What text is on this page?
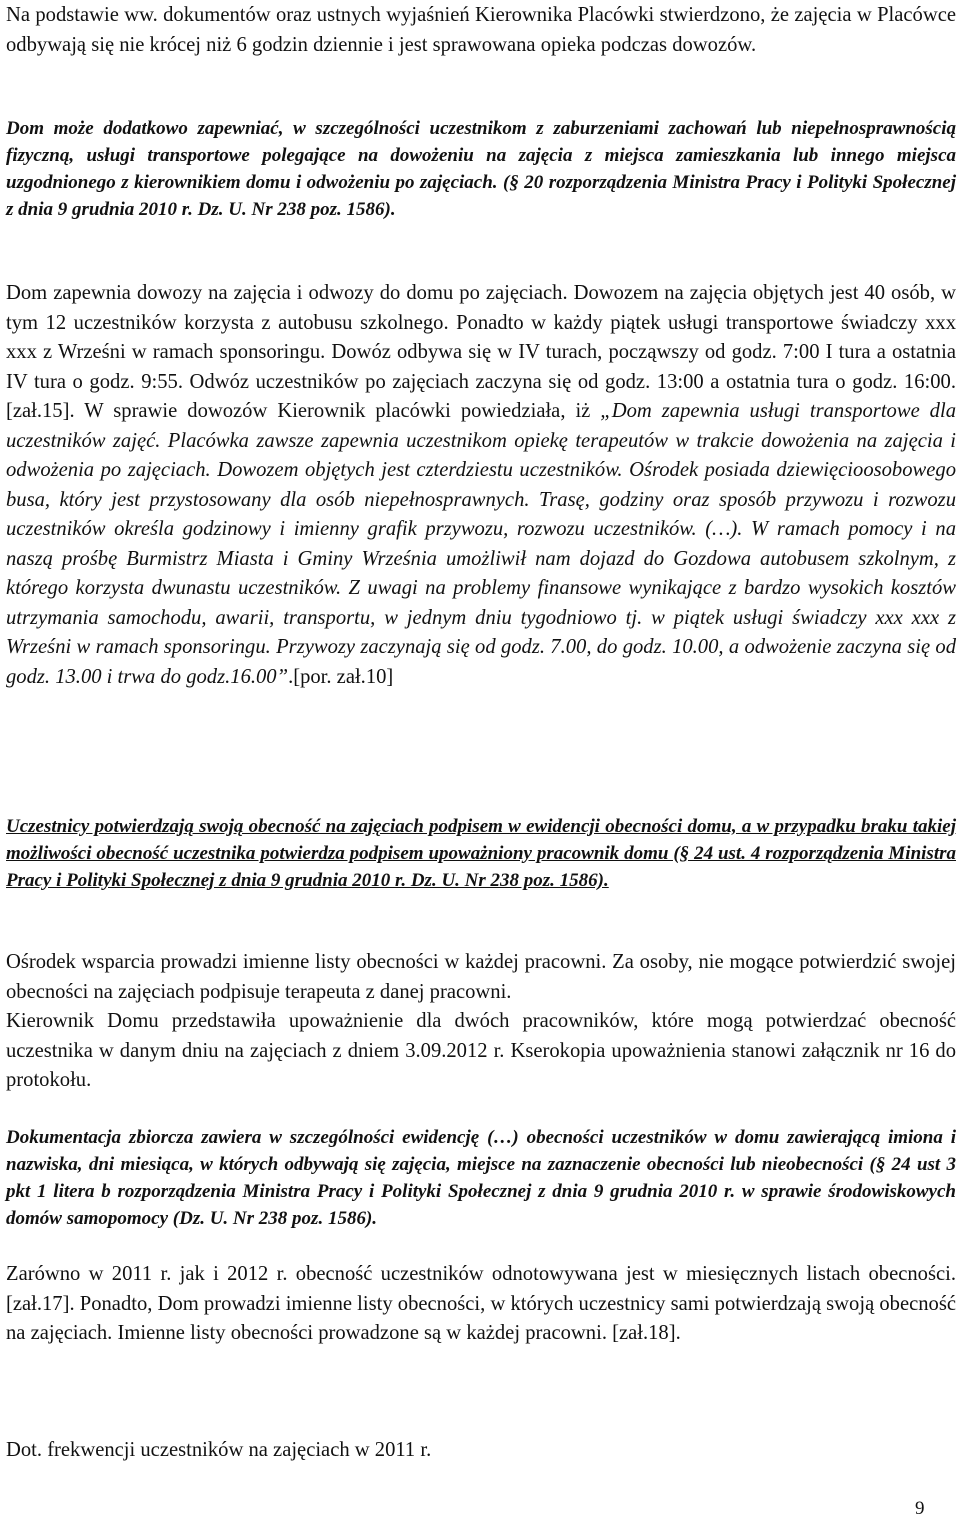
Na podstawie ww. dokumentów oraz ustnych wyjaśnień Kierownika Placówki stwierdzono, że zajęcia w Placówce odbywają się nie krócej niż 6 godzin dziennie i jest sprawowana opieka podczas dowozów.

Dom może dodatkowo zapewniać, w szczególności uczestnikom z zaburzeniami zachowań lub niepełnosprawnością fizyczną, usługi transportowe polegające na dowożeniu na zajęcia z miejsca zamieszkania lub innego miejsca uzgodnionego z kierownikiem domu i odwożeniu po zajęciach. (§ 20 rozporządzenia Ministra Pracy i Polityki Społecznej z dnia 9 grudnia 2010 r. Dz. U. Nr 238 poz. 1586).

Dom zapewnia dowozy na zajęcia i odwozy do domu po zajęciach. Dowozem na zajęcia objętych jest 40 osób, w tym 12 uczestników korzysta z autobusu szkolnego. Ponadto w każdy piątek usługi transportowe świadczy xxx xxx z Wrześni w ramach sponsoringu. Dowóz odbywa się w IV turach, począwszy od godz. 7:00 I tura a ostatnia IV tura o godz. 9:55. Odwóz uczestników po zajęciach zaczyna się od godz. 13:00 a ostatnia tura o godz. 16:00. [zał.15]. W sprawie dowozów Kierownik placówki powiedziała, iż „Dom zapewnia usługi transportowe dla uczestników zajęć. Placówka zawsze zapewnia uczestnikom opiekę terapeutów w trakcie dowożenia na zajęcia i odwożenia po zajęciach. Dowozem objętych jest czterdziestu uczestników. Ośrodek posiada dziewięcioosobowego busa, który jest przystosowany dla osób niepełnosprawnych. Trasę, godziny oraz sposób przywozu i rozwozu uczestników określa godzinowy i imienny grafik przywozu, rozwozu uczestników. (…). W ramach pomocy i na naszą prośbę Burmistrz Miasta i Gminy Września umożliwił nam dojazd do Gozdowa autobusem szkolnym, z którego korzysta dwunastu uczestników. Z uwagi na problemy finansowe wynikające z bardzo wysokich kosztów utrzymania samochodu, awarii, transportu, w jednym dniu tygodniowo tj. w piątek usługi świadczy xxx xxx z Wrześni w ramach sponsoringu. Przywozy zaczynają się od godz. 7.00, do godz. 10.00, a odwożenie zaczyna się od godz. 13.00 i trwa do godz.16.00”.[por. zał.10]

Uczestnicy potwierdzają swoją obecność na zajęciach podpisem w ewidencji obecności domu, a w przypadku braku takiej możliwości obecność uczestnika potwierdza podpisem upoważniony pracownik domu (§ 24 ust. 4 rozporządzenia Ministra Pracy i Polityki Społecznej z dnia 9 grudnia 2010 r. Dz. U. Nr 238 poz. 1586).

Ośrodek wsparcia prowadzi imienne listy obecności w każdej pracowni. Za osoby, nie mogące potwierdzić swojej obecności na zajęciach podpisuje terapeuta z danej pracowni.

Kierownik Domu przedstawiła upoważnienie dla dwóch pracowników, które mogą potwierdzać obecność uczestnika w danym dniu na zajęciach z dniem 3.09.2012 r. Kserokopia upoważnienia stanowi załącznik nr 16 do protokołu.

Dokumentacja zbiorcza zawiera w szczególności ewidencję (…) obecności uczestników w domu zawierającą imiona i nazwiska, dni miesiąca, w których odbywają się zajęcia, miejsce na zaznaczenie obecności lub nieobecności (§ 24 ust 3 pkt 1 litera b rozporządzenia Ministra Pracy i Polityki Społecznej z dnia 9 grudnia 2010 r. w sprawie środowiskowych domów samopomocy (Dz. U. Nr 238 poz. 1586).

Zarówno w 2011 r. jak i 2012 r. obecność uczestników odnotowywana jest w miesięcznych listach obecności. [zał.17]. Ponadto, Dom prowadzi imienne listy obecności, w których uczestnicy sami potwierdzają swoją obecność na zajęciach. Imienne listy obecności prowadzone są w każdej pracowni. [zał.18].

Dot. frekwencji uczestników na zajęciach w 2011 r.

9
